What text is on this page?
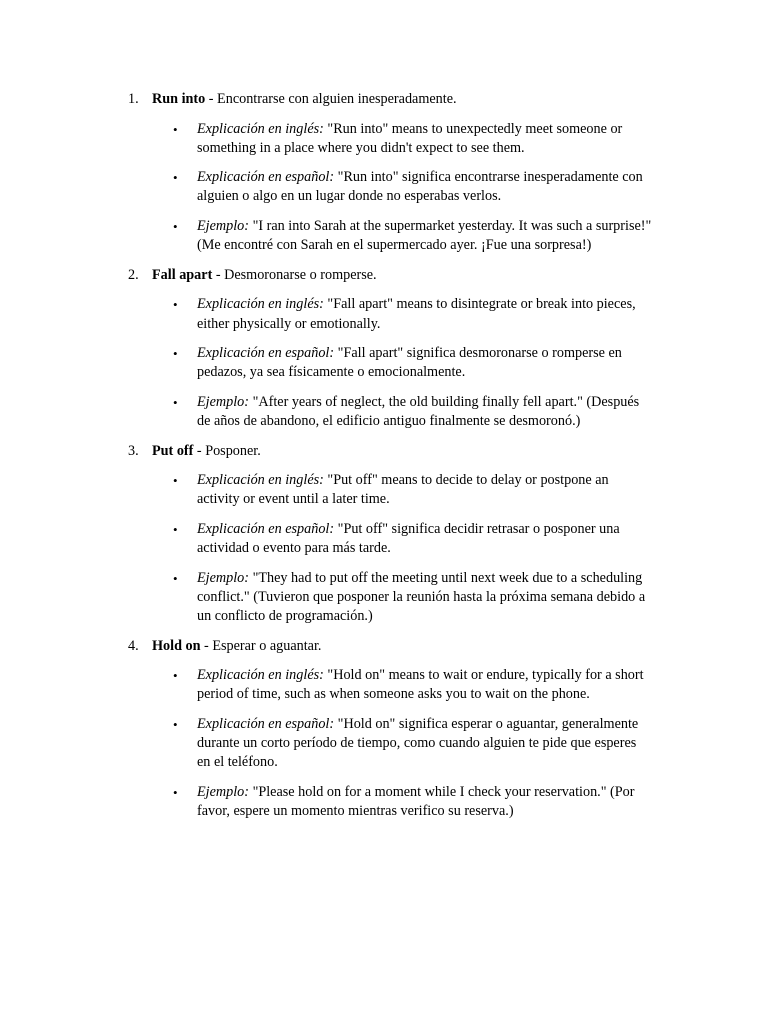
1. Run into - Encontrarse con alguien inesperadamente.
• Explicación en inglés: "Run into" means to unexpectedly meet someone or something in a place where you didn't expect to see them.
• Explicación en español: "Run into" significa encontrarse inesperadamente con alguien o algo en un lugar donde no esperabas verlos.
• Ejemplo: "I ran into Sarah at the supermarket yesterday. It was such a surprise!" (Me encontré con Sarah en el supermercado ayer. ¡Fue una sorpresa!)
2. Fall apart - Desmoronarse o romperse.
• Explicación en inglés: "Fall apart" means to disintegrate or break into pieces, either physically or emotionally.
• Explicación en español: "Fall apart" significa desmoronarse o romperse en pedazos, ya sea físicamente o emocionalmente.
• Ejemplo: "After years of neglect, the old building finally fell apart." (Después de años de abandono, el edificio antiguo finalmente se desmoronó.)
3. Put off - Posponer.
• Explicación en inglés: "Put off" means to decide to delay or postpone an activity or event until a later time.
• Explicación en español: "Put off" significa decidir retrasar o posponer una actividad o evento para más tarde.
• Ejemplo: "They had to put off the meeting until next week due to a scheduling conflict." (Tuvieron que posponer la reunión hasta la próxima semana debido a un conflicto de programación.)
4. Hold on - Esperar o aguantar.
• Explicación en inglés: "Hold on" means to wait or endure, typically for a short period of time, such as when someone asks you to wait on the phone.
• Explicación en español: "Hold on" significa esperar o aguantar, generalmente durante un corto período de tiempo, como cuando alguien te pide que esperes en el teléfono.
• Ejemplo: "Please hold on for a moment while I check your reservation." (Por favor, espere un momento mientras verifico su reserva.)
